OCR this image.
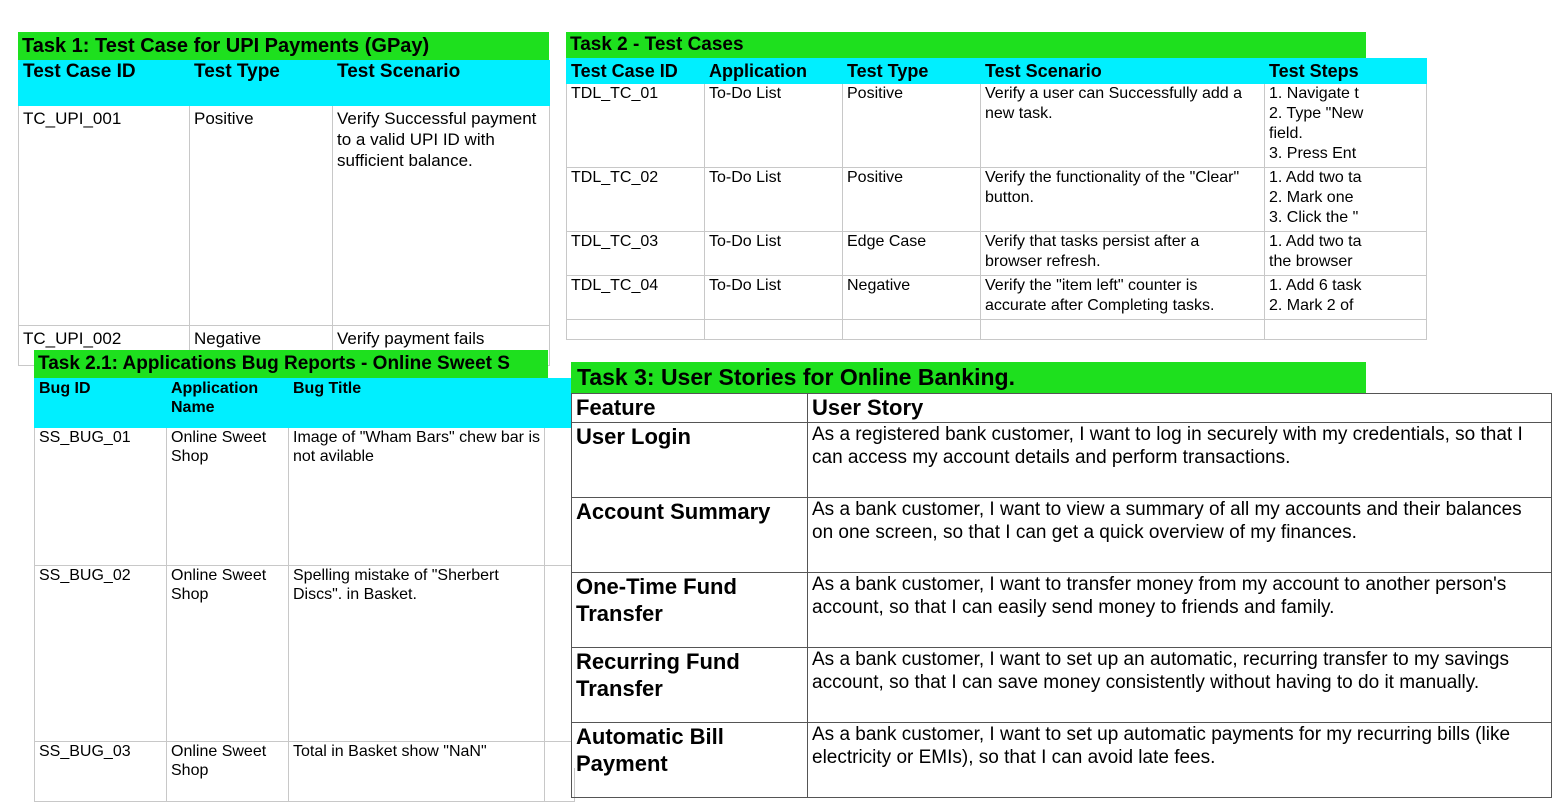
Task 1: Test Case for UPI Payments (GPay)
Test Case ID	Test Type	Test Scenario
TC_UPI_001	Positive	Verify Successful payment to a valid UPI ID with sufficient balance.
TC_UPI_002	Negative	Verify payment fails
Task 2 - Test Cases
Test Case ID	Application	Test Type	Test Scenario	Test Steps
TDL_TC_01	To-Do List	Positive	Verify a user can Successfully add a new task.	1. Navigate t
2. Type "New
field.
3. Press Ent

TDL_TC_02	To-Do List	Positive	Verify the functionality of the "Clear" button.	1. Add two ta
2. Mark one
3. Click the "

TDL_TC_03	To-Do List	Edge Case	Verify that tasks persist after a browser refresh.	1. Add two ta
the browser

TDL_TC_04	To-Do List	Negative	Verify the "item left" counter is accurate after Completing tasks.	1. Add 6 task
2. Mark 2 of

Task 2.1: Applications Bug Reports - Online Sweet S
Bug ID	Application Name	Bug Title	
SS_BUG_01	Online Sweet Shop	Image of "Wham Bars" chew bar is not avilable	
SS_BUG_02	Online Sweet Shop	Spelling mistake of "Sherbert Discs". in Basket.	
SS_BUG_03	Online Sweet Shop	Total in Basket show "NaN"	
Task 3: User Stories for Online Banking.
Feature	User Story
User Login	As a registered bank customer, I want to log in securely with my credentials, so that I can access my account details and perform transactions.
Account Summary	As a bank customer, I want to view a summary of all my accounts and their balances on one screen, so that I can get a quick overview of my finances.
One-Time Fund Transfer	As a bank customer, I want to transfer money from my account to another person's account, so that I can easily send money to friends and family.
Recurring Fund Transfer	As a bank customer, I want to set up an automatic, recurring transfer to my savings account, so that I can save money consistently without having to do it manually.
Automatic Bill Payment	As a bank customer, I want to set up automatic payments for my recurring bills (like electricity or EMIs), so that I can avoid late fees.
